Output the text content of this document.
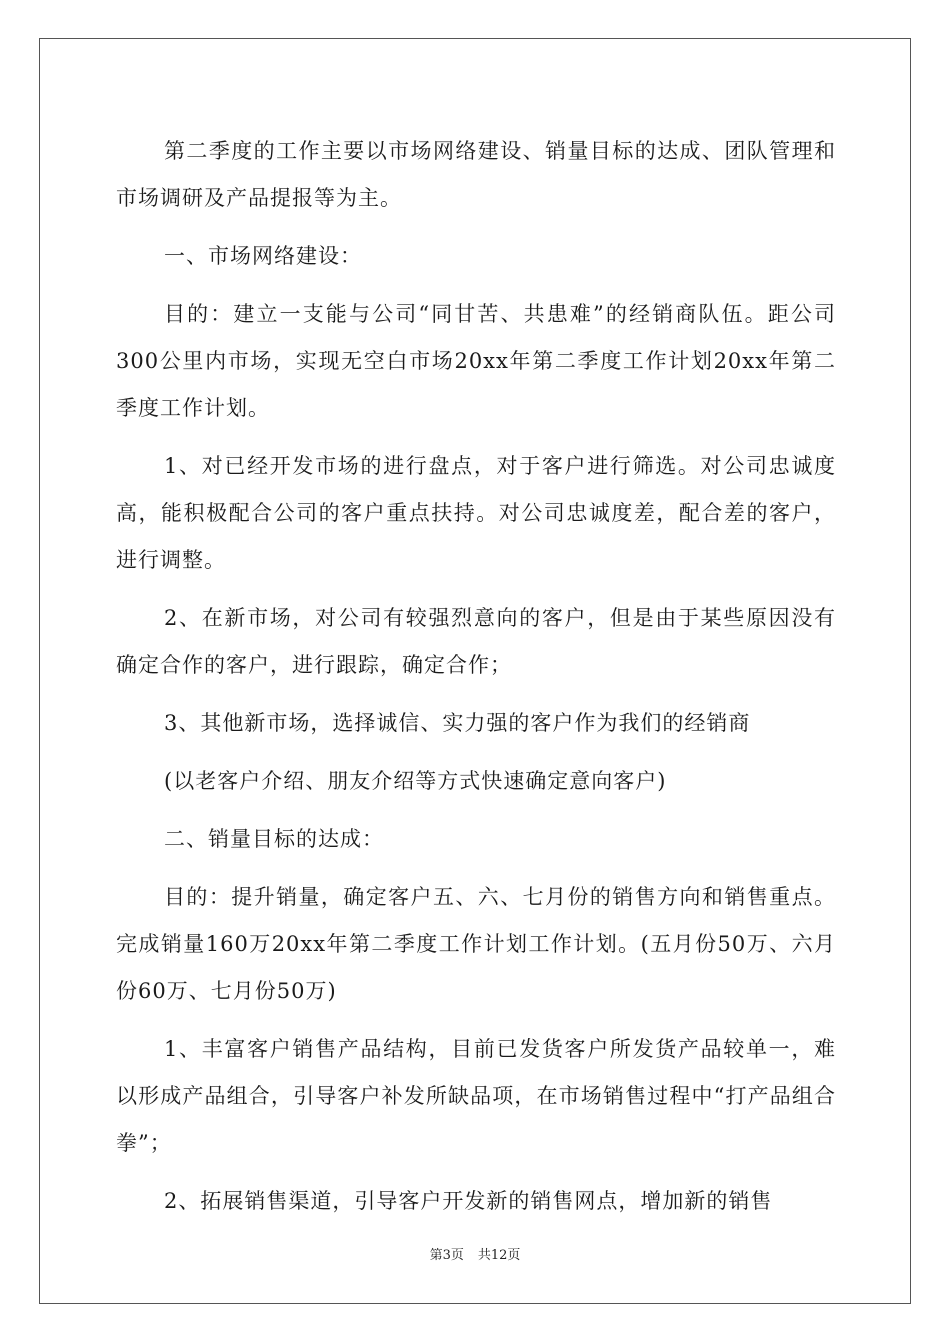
第二季度的工作主要以市场网络建设、销量目标的达成、团队管理和市场调研及产品提报等为主。

一、市场网络建设：

目的：建立一支能与公司“同甘苦、共患难”的经销商队伍。距公司300公里内市场，实现无空白市场20xx年第二季度工作计划20xx年第二季度工作计划。

1、对已经开发市场的进行盘点，对于客户进行筛选。对公司忠诚度高，能积极配合公司的客户重点扶持。对公司忠诚度差，配合差的客户，进行调整。

2、在新市场，对公司有较强烈意向的客户，但是由于某些原因没有确定合作的客户，进行跟踪，确定合作；

3、其他新市场，选择诚信、实力强的客户作为我们的经销商

(以老客户介绍、朋友介绍等方式快速确定意向客户)

二、销量目标的达成：

目的：提升销量，确定客户五、六、七月份的销售方向和销售重点。完成销量160万20xx年第二季度工作计划工作计划。(五月份50万、六月份60万、七月份50万)

1、丰富客户销售产品结构，目前已发货客户所发货产品较单一，难以形成产品组合，引导客户补发所缺品项，在市场销售过程中“打产品组合拳”；

2、拓展销售渠道，引导客户开发新的销售网点，增加新的销售

第3页 共12页
